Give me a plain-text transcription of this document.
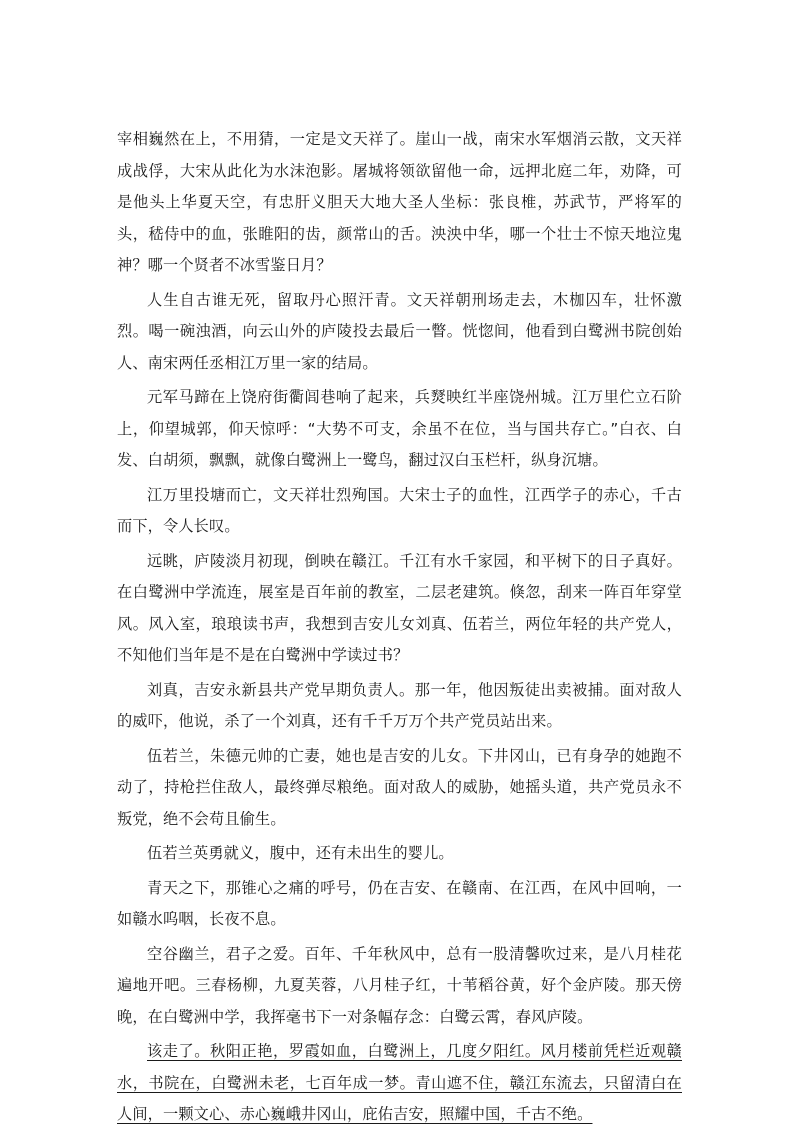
宰相巍然在上，不用猜，一定是文天祥了。崖山一战，南宋水军烟消云散，文天祥成战俘，大宋从此化为水沫泡影。屠城将领欲留他一命，远押北庭二年，劝降，可是他头上华夏天空，有忠肝义胆天大地大圣人坐标：张良椎，苏武节，严将军的头，嵇侍中的血，张睢阳的齿，颜常山的舌。泱泱中华，哪一个壮士不惊天地泣鬼神？哪一个贤者不冰雪鉴日月？

人生自古谁无死，留取丹心照汗青。文天祥朝刑场走去，木枷囚车，壮怀激烈。喝一碗浊酒，向云山外的庐陵投去最后一瞥。恍惚间，他看到白鹭洲书院创始人、南宋两任丞相江万里一家的结局。

元军马蹄在上饶府街衢闾巷响了起来，兵燹映红半座饶州城。江万里伫立石阶上，仰望城郭，仰天惊呼：“大势不可支，余虽不在位，当与国共存亡。”白衣、白发、白胡须，飘飘，就像白鹭洲上一鹭鸟，翻过汉白玉栏杆，纵身沉塘。

江万里投塘而亡，文天祥壮烈殉国。大宋士子的血性，江西学子的赤心，千古而下，令人长叹。

远眺，庐陵淡月初现，倒映在赣江。千江有水千家园，和平树下的日子真好。在白鹭洲中学流连，展室是百年前的教室，二层老建筑。倏忽，刮来一阵百年穿堂风。风入室，琅琅读书声，我想到吉安儿女刘真、伍若兰，两位年轻的共产党人，不知他们当年是不是在白鹭洲中学读过书？

刘真，吉安永新县共产党早期负责人。那一年，他因叛徒出卖被捕。面对敌人的威吓，他说，杀了一个刘真，还有千千万万个共产党员站出来。

伍若兰，朱德元帅的亡妻，她也是吉安的儿女。下井冈山，已有身孕的她跑不动了，持枪拦住敌人，最终弹尽粮绝。面对敌人的威胁，她摇头道，共产党员永不叛党，绝不会苟且偷生。

伍若兰英勇就义，腹中，还有未出生的婴儿。

青天之下，那锥心之痛的呼号，仍在吉安、在赣南、在江西，在风中回响，一如赣水呜咽，长夜不息。

空谷幽兰，君子之爱。百年、千年秋风中，总有一股清馨吹过来，是八月桂花遍地开吧。三春杨柳，九夏芙蓉，八月桂子红，十苇稻谷黄，好个金庐陵。那天傍晚，在白鹭洲中学，我挥毫书下一对条幅存念：白鹭云霄，春风庐陵。

该走了。秋阳正艳，罗霞如血，白鹭洲上，几度夕阳红。风月楼前凭栏近观赣水，书院在，白鹭洲未老，七百年成一梦。青山遮不住，赣江东流去，只留清白在人间，一颗文心、赤心巍峨井冈山，庇佑吉安，照耀中国，千古不绝。
